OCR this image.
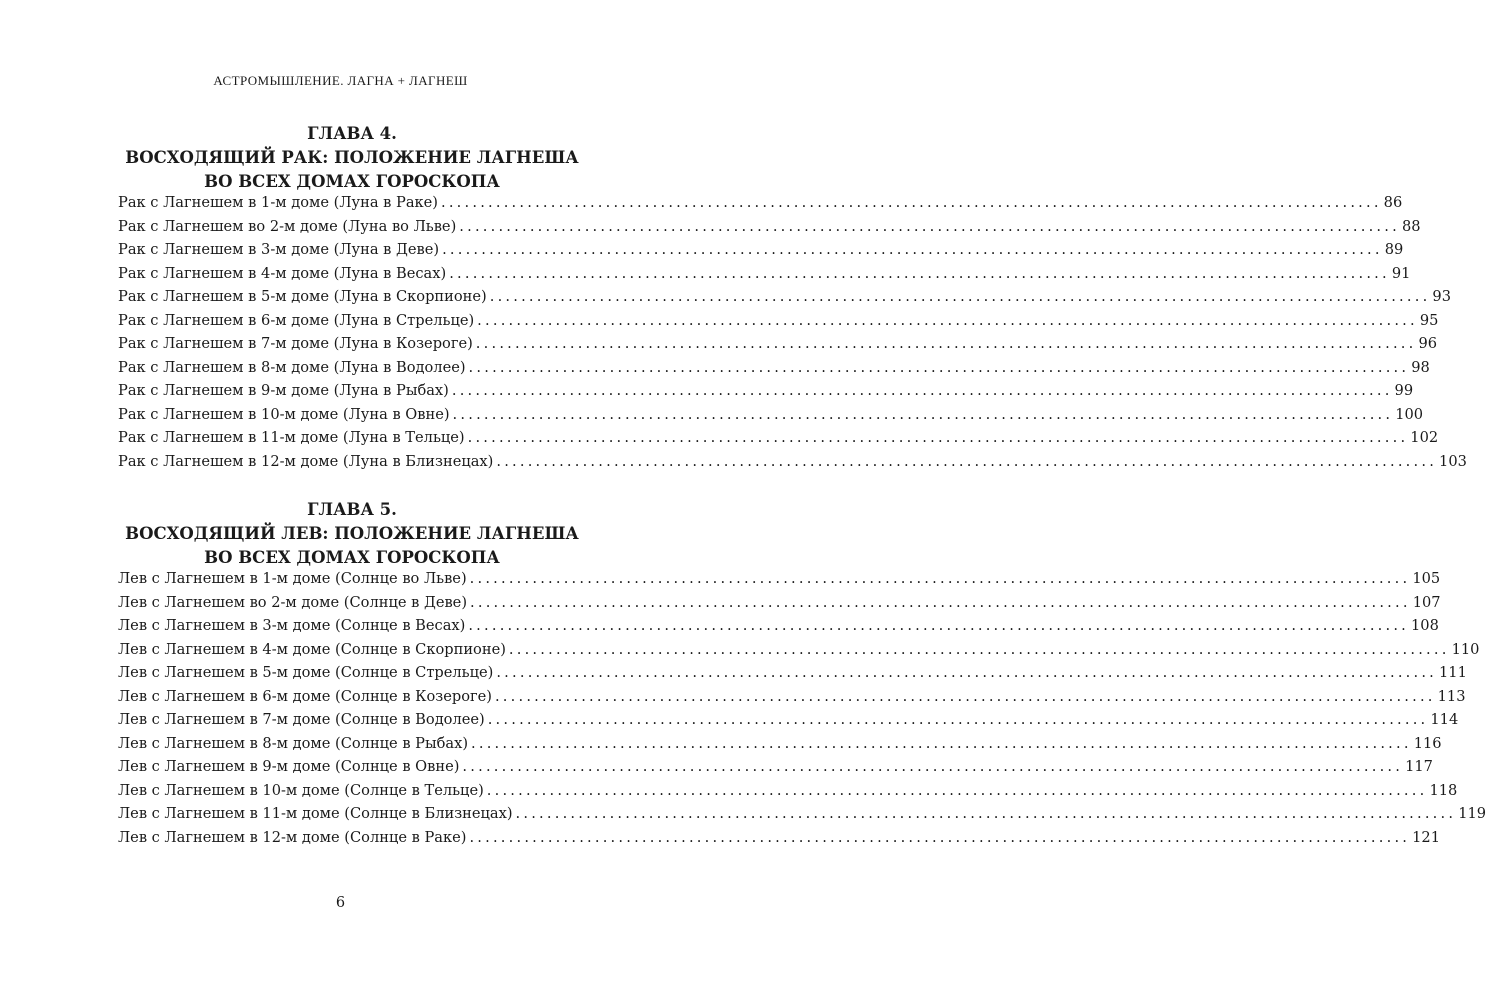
АСТРОМЫШЛЕНИЕ. ЛАГНА + ЛАГНЕШ
ГЛАВА 4.
ВОСХОДЯЩИЙ РАК: ПОЛОЖЕНИЕ ЛАГНЕША
ВО ВСЕХ ДОМАХ ГОРОСКОПА
Рак с Лагнешем в 1-м доме (Луна в Раке) ........................................................................................................................ 86
Рак с Лагнешем во 2-м доме (Луна во Льве) ........................................................................................................................ 88
Рак с Лагнешем в 3-м доме (Луна в Деве) ........................................................................................................................ 89
Рак с Лагнешем в 4-м доме (Луна в Весах) ........................................................................................................................ 91
Рак с Лагнешем в 5-м доме (Луна в Скорпионе) ........................................................................................................................ 93
Рак с Лагнешем в 6-м доме (Луна в Стрельце) ........................................................................................................................ 95
Рак с Лагнешем в 7-м доме (Луна в Козероге) ........................................................................................................................ 96
Рак с Лагнешем в 8-м доме (Луна в Водолее) ........................................................................................................................ 98
Рак с Лагнешем в 9-м доме (Луна в Рыбах) ........................................................................................................................ 99
Рак с Лагнешем в 10-м доме (Луна в Овне) ........................................................................................................................ 100
Рак с Лагнешем в 11-м доме (Луна в Тельце) ........................................................................................................................ 102
Рак с Лагнешем в 12-м доме (Луна в Близнецах) ........................................................................................................................ 103
ГЛАВА 5.
ВОСХОДЯЩИЙ ЛЕВ: ПОЛОЖЕНИЕ ЛАГНЕША
ВО ВСЕХ ДОМАХ ГОРОСКОПА
Лев с Лагнешем в 1-м доме (Солнце во Льве) ........................................................................................................................ 105
Лев с Лагнешем во 2-м доме (Солнце в Деве) ........................................................................................................................ 107
Лев с Лагнешем в 3-м доме (Солнце в Весах) ........................................................................................................................ 108
Лев с Лагнешем в 4-м доме (Солнце в Скорпионе) ........................................................................................................................ 110
Лев с Лагнешем в 5-м доме (Солнце в Стрельце) ........................................................................................................................ 111
Лев с Лагнешем в 6-м доме (Солнце в Козероге) ........................................................................................................................ 113
Лев с Лагнешем в 7-м доме (Солнце в Водолее) ........................................................................................................................ 114
Лев с Лагнешем в 8-м доме (Солнце в Рыбах) ........................................................................................................................ 116
Лев с Лагнешем в 9-м доме (Солнце в Овне) ........................................................................................................................ 117
Лев с Лагнешем в 10-м доме (Солнце в Тельце) ........................................................................................................................ 118
Лев с Лагнешем в 11-м доме (Солнце в Близнецах) ........................................................................................................................ 119
Лев с Лагнешем в 12-м доме (Солнце в Раке) ........................................................................................................................ 121
6
